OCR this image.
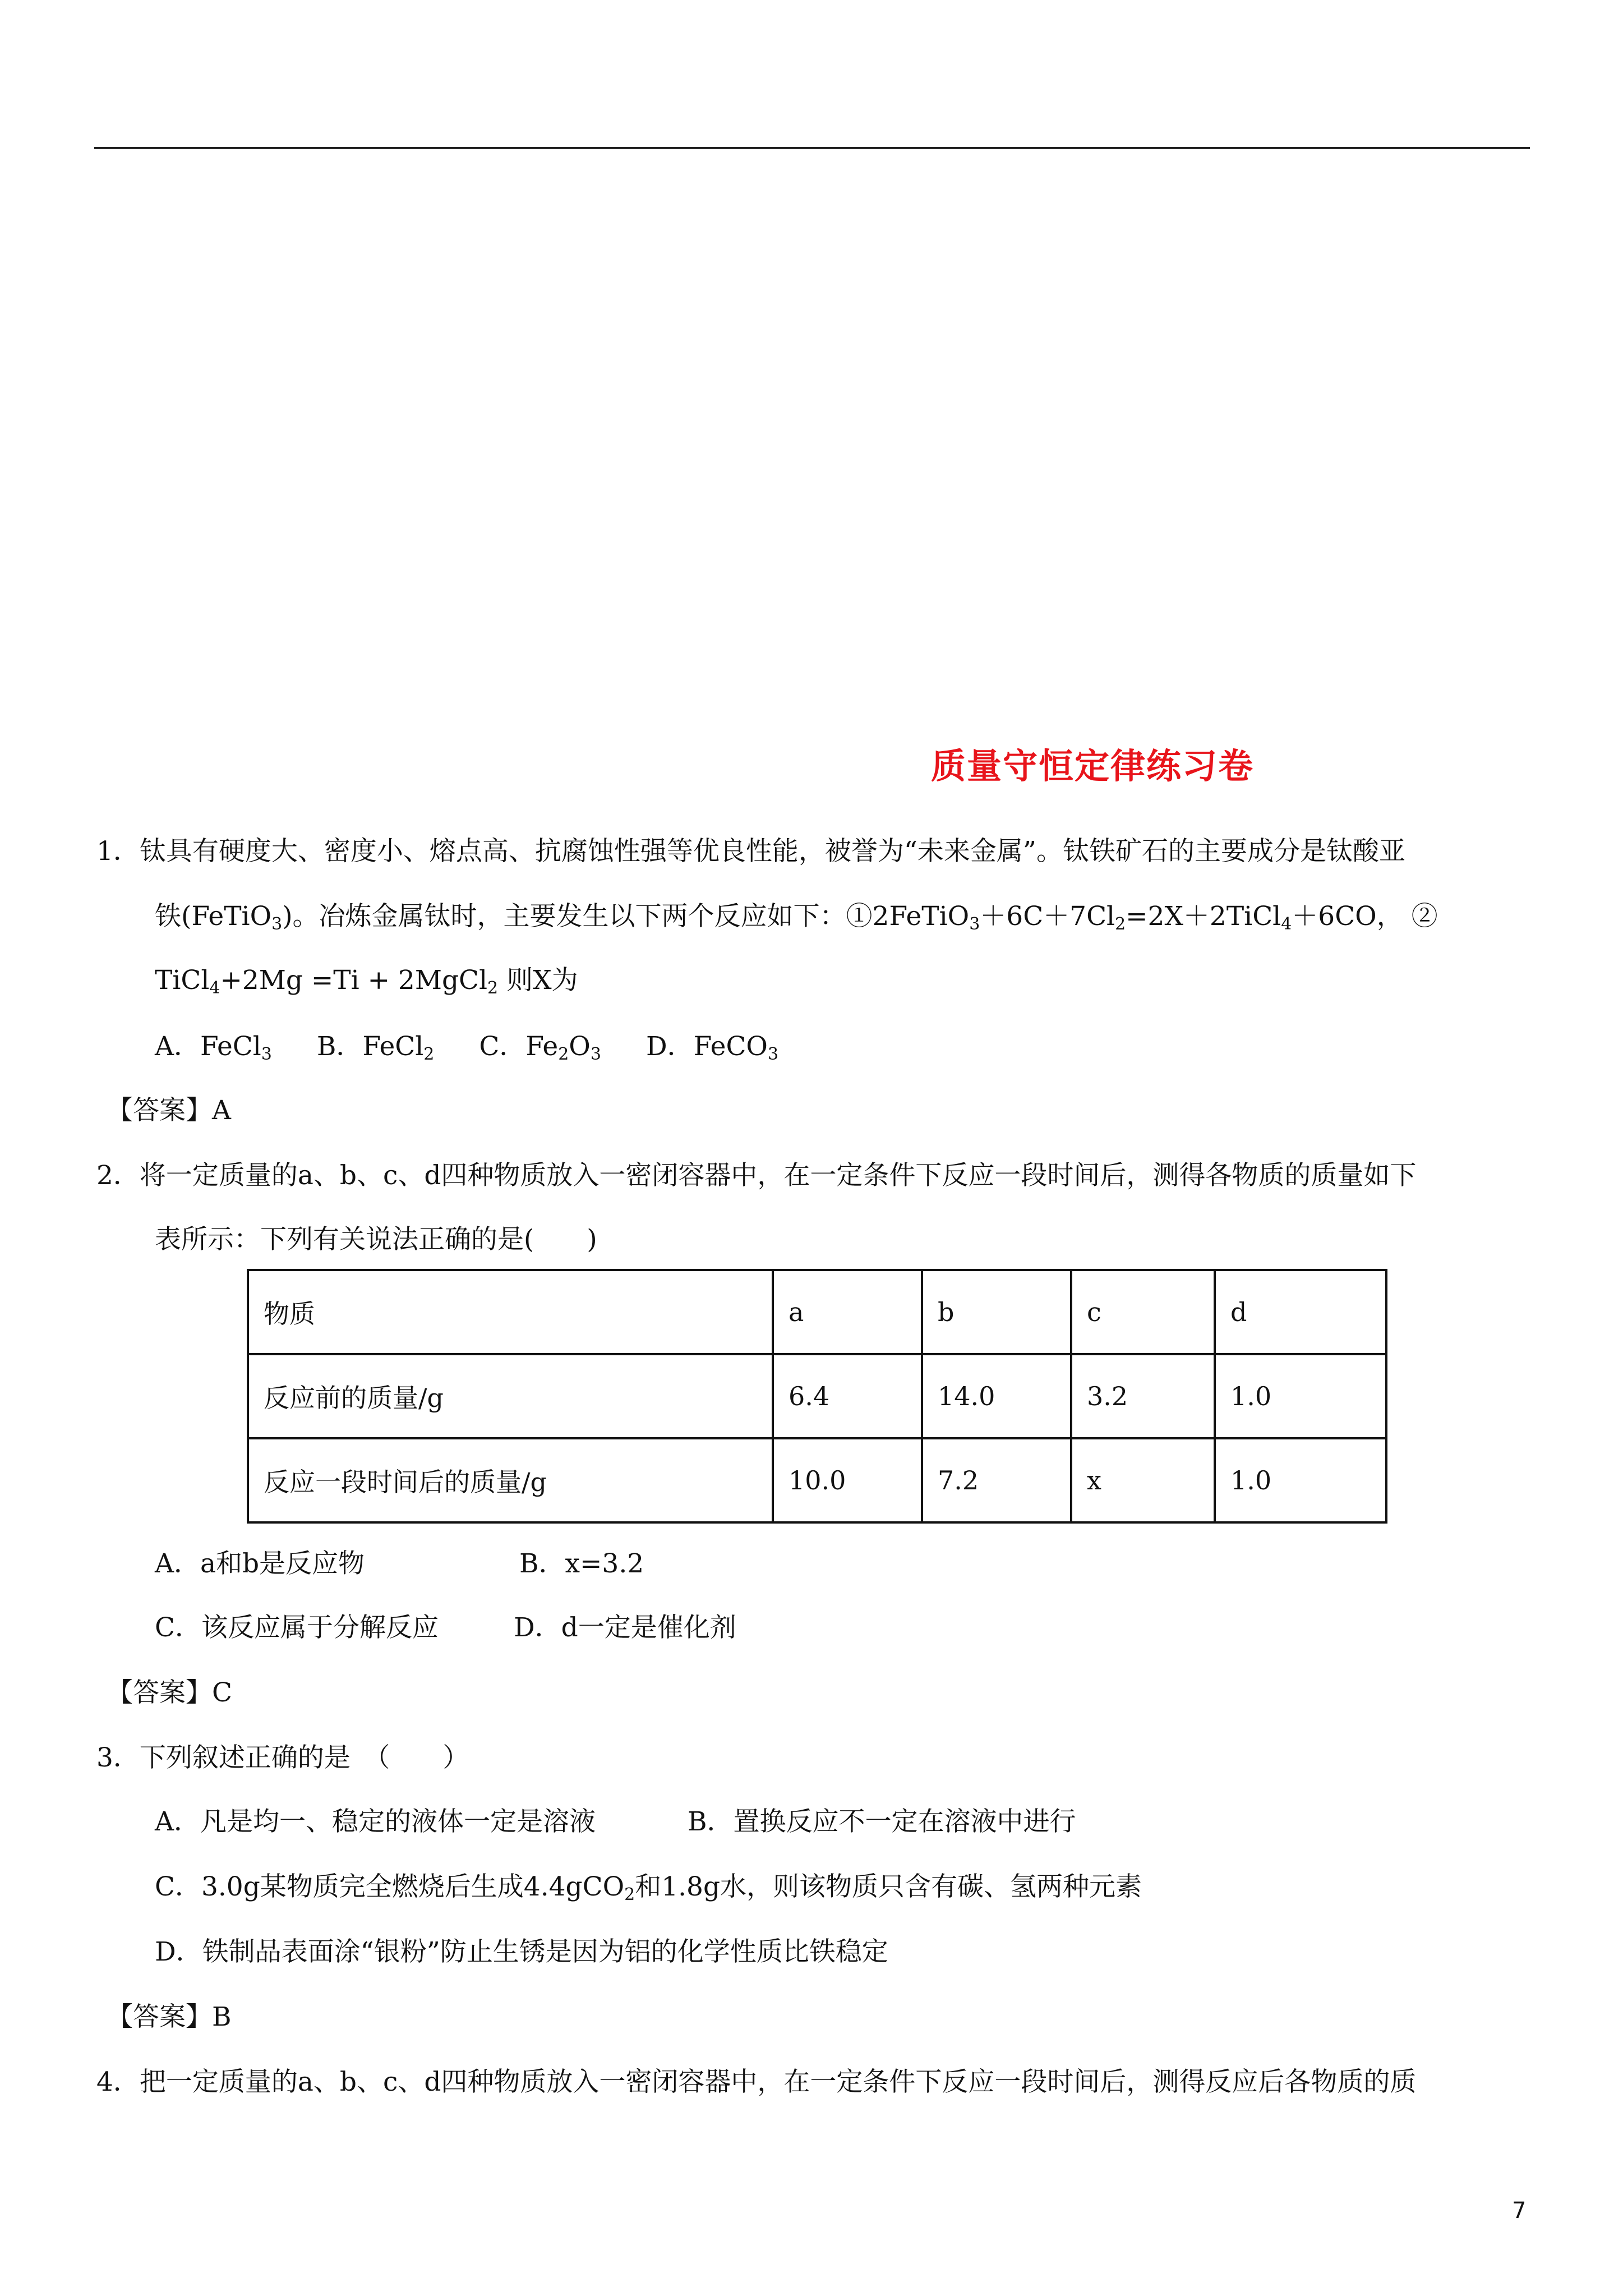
质量守恒定律练习卷
1．钛具有硬度大、密度小、熔点高、抗腐蚀性强等优良性能，被誉为“未来金属”。钛铁矿石的主要成分是钛酸亚
铁(FeTiO$_3$)。冶炼金属钛时，主要发生以下两个反应如下：$①2FeTiO_3+6C+7Cl_2=2X+2TiCl_4+6CO$， ②
TiCl$_4$+2Mg =Ti + 2MgCl$_2$ 则X为
A．FeCl$_3$ B．FeCl$_2$ C．$Fe_2O_3$ D．FeCO$_3$
【答案】A
2．将一定质量的a、b、c、d四种物质放入一密闭容器中，在一定条件下反应一段时间后，测得各物质的质量如下
表所示：下列有关说法正确的是(　　)
物质	a	b	c	d
反应前的质量/g	6.4	14.0	3.2	1.0
反应一段时间后的质量/g	10.0	7.2	x	1.0
A．a和b是反应物	B．x=3.2
C．该反应属于分解反应	D．d一定是催化剂
【答案】C
3．下列叙述正确的是　（　　）
A．凡是均一、稳定的液体一定是溶液	B．置换反应不一定在溶液中进行
C．3.0g某物质完全燃烧后生成4.4gCO$_2$和1.8g水，则该物质只含有碳、氢两种元素
D．铁制品表面涂“银粉”防止生锈是因为铝的化学性质比铁稳定
【答案】B
4．把一定质量的a、b、c、d四种物质放入一密闭容器中，在一定条件下反应一段时间后，测得反应后各物质的质
7
